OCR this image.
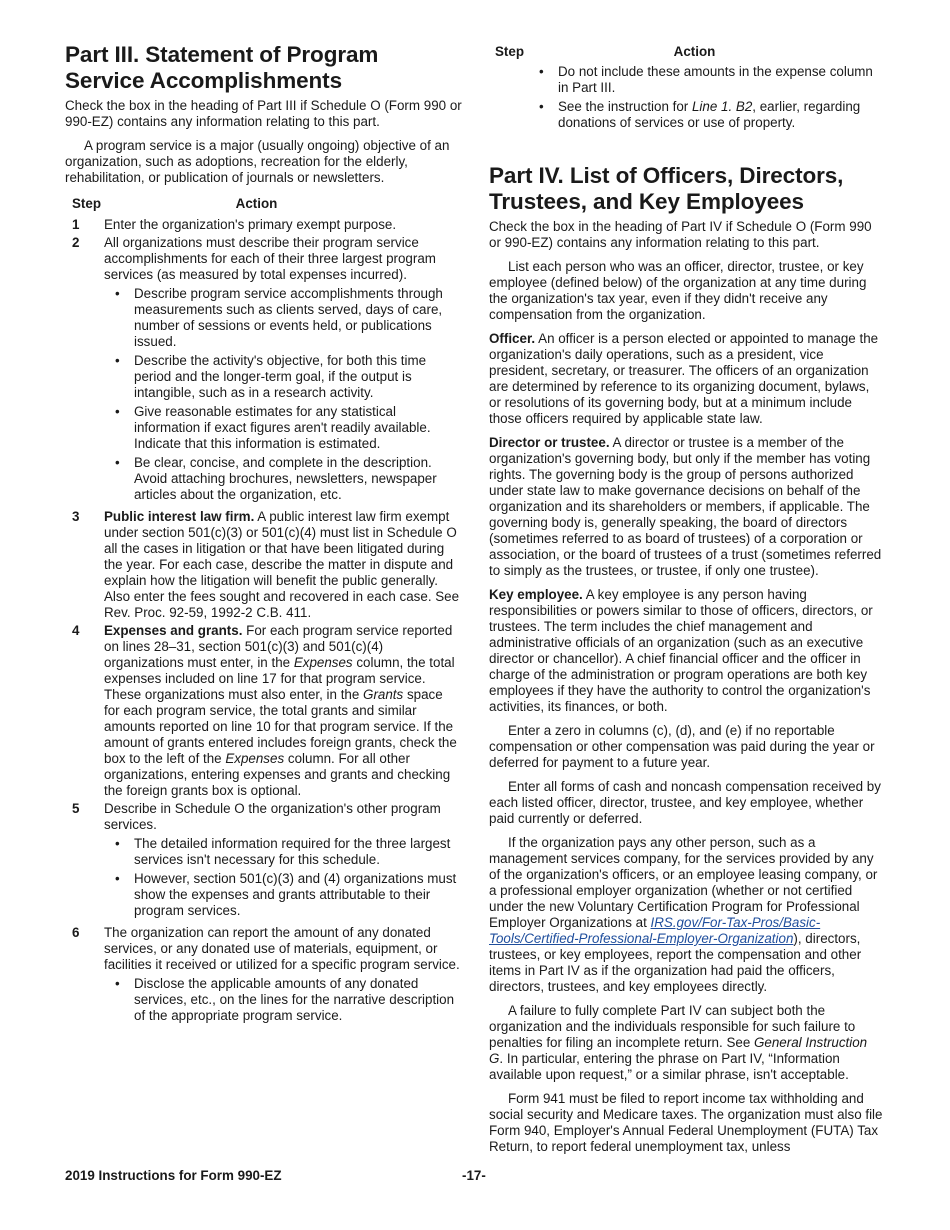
Part III. Statement of Program Service Accomplishments

Check the box in the heading of Part III if Schedule O (Form 990 or 990-EZ) contains any information relating to this part.

A program service is a major (usually ongoing) objective of an organization, such as adoptions, recreation for the elderly, rehabilitation, or publication of journals or newsletters.

Step	Action
1	Enter the organization's primary exempt purpose.
2	All organizations must describe their program service accomplishments for each of their three largest program services (as measured by total expenses incurred).
• Describe program service accomplishments through measurements such as clients served, days of care, number of sessions or events held, or publications issued.
• Describe the activity's objective, for both this time period and the longer-term goal, if the output is intangible, such as in a research activity.
• Give reasonable estimates for any statistical information if exact figures aren't readily available. Indicate that this information is estimated.
• Be clear, concise, and complete in the description. Avoid attaching brochures, newsletters, newspaper articles about the organization, etc.
3	Public interest law firm. A public interest law firm exempt under section 501(c)(3) or 501(c)(4) must list in Schedule O all the cases in litigation or that have been litigated during the year. For each case, describe the matter in dispute and explain how the litigation will benefit the public generally. Also enter the fees sought and recovered in each case. See Rev. Proc. 92-59, 1992-2 C.B. 411.
4	Expenses and grants. For each program service reported on lines 28–31, section 501(c)(3) and 501(c)(4) organizations must enter, in the Expenses column, the total expenses included on line 17 for that program service. These organizations must also enter, in the Grants space for each program service, the total grants and similar amounts reported on line 10 for that program service. If the amount of grants entered includes foreign grants, check the box to the left of the Expenses column. For all other organizations, entering expenses and grants and checking the foreign grants box is optional.
5	Describe in Schedule O the organization's other program services.
• The detailed information required for the three largest services isn't necessary for this schedule.
• However, section 501(c)(3) and (4) organizations must show the expenses and grants attributable to their program services.
6	The organization can report the amount of any donated services, or any donated use of materials, equipment, or facilities it received or utilized for a specific program service.
• Disclose the applicable amounts of any donated services, etc., on the lines for the narrative description of the appropriate program service.
Step	Action
• Do not include these amounts in the expense column in Part III.
• See the instruction for Line 1. B2, earlier, regarding donations of services or use of property.
Part IV. List of Officers, Directors, Trustees, and Key Employees

Check the box in the heading of Part IV if Schedule O (Form 990 or 990-EZ) contains any information relating to this part.

List each person who was an officer, director, trustee, or key employee (defined below) of the organization at any time during the organization's tax year, even if they didn't receive any compensation from the organization.

Officer. An officer is a person elected or appointed to manage the organization's daily operations, such as a president, vice president, secretary, or treasurer. The officers of an organization are determined by reference to its organizing document, bylaws, or resolutions of its governing body, but at a minimum include those officers required by applicable state law.

Director or trustee. A director or trustee is a member of the organization's governing body, but only if the member has voting rights. The governing body is the group of persons authorized under state law to make governance decisions on behalf of the organization and its shareholders or members, if applicable. The governing body is, generally speaking, the board of directors (sometimes referred to as board of trustees) of a corporation or association, or the board of trustees of a trust (sometimes referred to simply as the trustees, or trustee, if only one trustee).

Key employee. A key employee is any person having responsibilities or powers similar to those of officers, directors, or trustees. The term includes the chief management and administrative officials of an organization (such as an executive director or chancellor). A chief financial officer and the officer in charge of the administration or program operations are both key employees if they have the authority to control the organization's activities, its finances, or both.

Enter a zero in columns (c), (d), and (e) if no reportable compensation or other compensation was paid during the year or deferred for payment to a future year.

Enter all forms of cash and noncash compensation received by each listed officer, director, trustee, and key employee, whether paid currently or deferred.

If the organization pays any other person, such as a management services company, for the services provided by any of the organization's officers, or an employee leasing company, or a professional employer organization (whether or not certified under the new Voluntary Certification Program for Professional Employer Organizations at IRS.gov/For-Tax-Pros/Basic-Tools/Certified-Professional-Employer-Organization), directors, trustees, or key employees, report the compensation and other items in Part IV as if the organization had paid the officers, directors, trustees, and key employees directly.

A failure to fully complete Part IV can subject both the organization and the individuals responsible for such failure to penalties for filing an incomplete return. See General Instruction G. In particular, entering the phrase on Part IV, “Information available upon request,” or a similar phrase, isn't acceptable.

Form 941 must be filed to report income tax withholding and social security and Medicare taxes. The organization must also file Form 940, Employer's Annual Federal Unemployment (FUTA) Tax Return, to report federal unemployment tax, unless

2019 Instructions for Form 990-EZ	-17-
